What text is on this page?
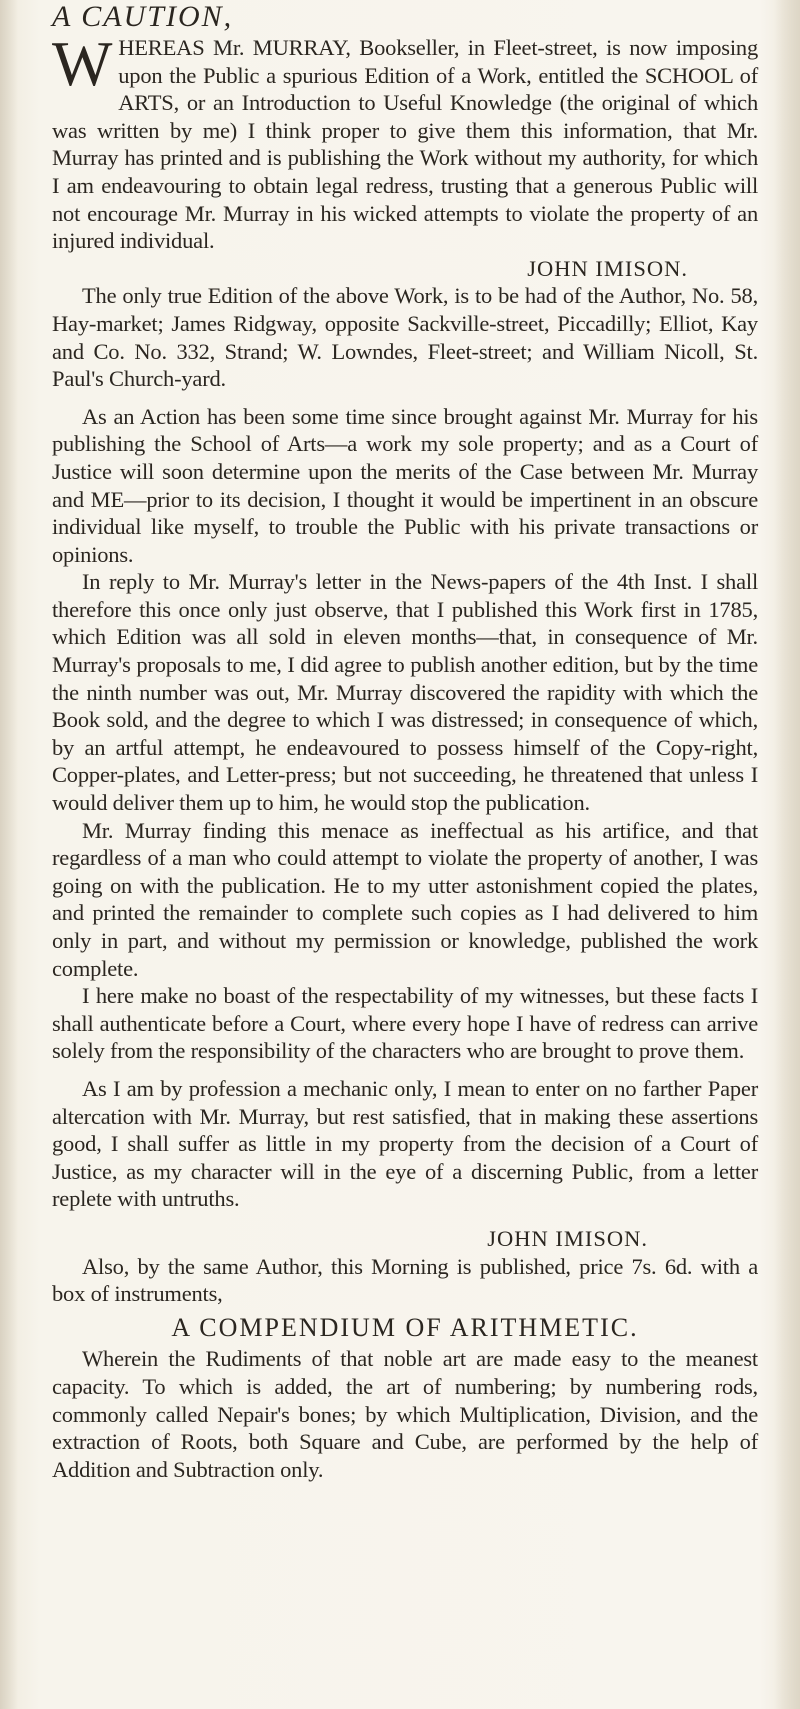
A CAUTION,

W HEREAS Mr. MURRAY, Bookseller, in Fleet-street, is now imposing upon the Public a spurious Edition of a Work, entitled the SCHOOL of ARTS, or an Introduction to Useful Knowledge (the original of which was written by me) I think proper to give them this information, that Mr. Murray has printed and is publishing the Work without my authority, for which I am endeavouring to obtain legal redress, trusting that a generous Public will not encourage Mr. Murray in his wicked attempts to violate the property of an injured individual.

JOHN IMISON.

The only true Edition of the above Work, is to be had of the Author, No. 58, Hay-market; James Ridgway, opposite Sackville-street, Piccadilly; Elliot, Kay and Co. No. 332, Strand; W. Lowndes, Fleet-street; and William Nicoll, St. Paul's Church-yard.

As an Action has been some time since brought against Mr. Murray for his publishing the School of Arts—a work my sole property; and as a Court of Justice will soon determine upon the merits of the Case between Mr. Murray and ME—prior to its decision, I thought it would be impertinent in an obscure individual like myself, to trouble the Public with his private transactions or opinions.

In reply to Mr. Murray's letter in the News-papers of the 4th Inst. I shall therefore this once only just observe, that I published this Work first in 1785, which Edition was all sold in eleven months—that, in consequence of Mr. Murray's proposals to me, I did agree to publish another edition, but by the time the ninth number was out, Mr. Murray discovered the rapidity with which the Book sold, and the degree to which I was distressed; in consequence of which, by an artful attempt, he endeavoured to possess himself of the Copy-right, Copper-plates, and Letter-press; but not succeeding, he threatened that unless I would deliver them up to him, he would stop the publication.

Mr. Murray finding this menace as ineffectual as his artifice, and that regardless of a man who could attempt to violate the property of another, I was going on with the publication. He to my utter astonishment copied the plates, and printed the remainder to complete such copies as I had delivered to him only in part, and without my permission or knowledge, published the work complete.

I here make no boast of the respectability of my witnesses, but these facts I shall authenticate before a Court, where every hope I have of redress can arrive solely from the responsibility of the characters who are brought to prove them.

As I am by profession a mechanic only, I mean to enter on no farther Paper altercation with Mr. Murray, but rest satisfied, that in making these assertions good, I shall suffer as little in my property from the decision of a Court of Justice, as my character will in the eye of a discerning Public, from a letter replete with untruths.

JOHN IMISON.

Also, by the same Author, this Morning is published, price 7s. 6d. with a box of instruments,

A COMPENDIUM OF ARITHMETIC.

Wherein the Rudiments of that noble art are made easy to the meanest capacity. To which is added, the art of numbering; by numbering rods, commonly called Nepair's bones; by which Multiplication, Division, and the extraction of Roots, both Square and Cube, are performed by the help of Addition and Subtraction only.
